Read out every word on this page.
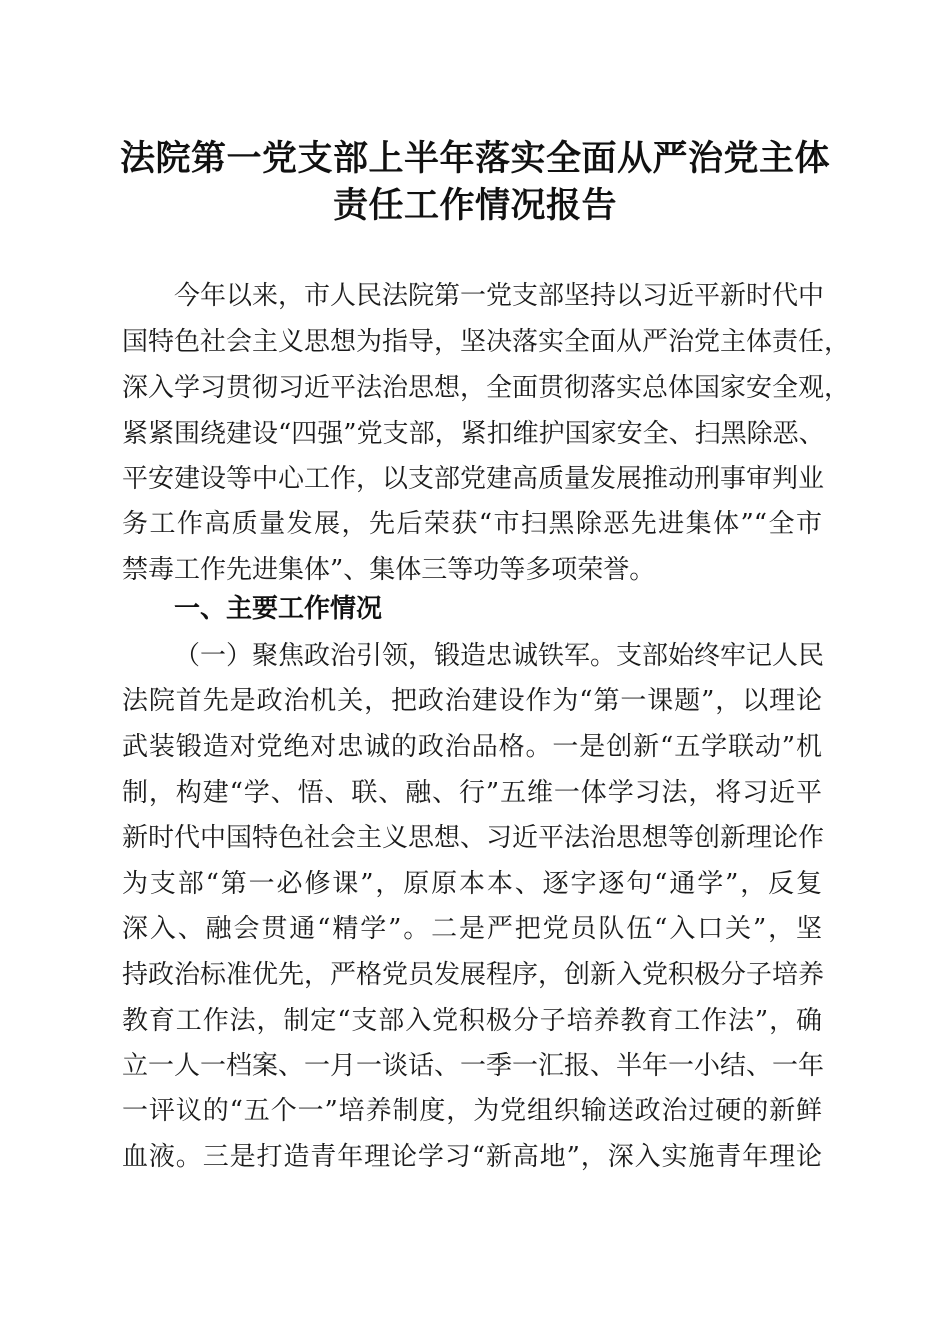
法院第一党支部上半年落实全面从严治党主体
责任工作情况报告
今年以来，市人民法院第一党支部坚持以习近平新时代中
国特色社会主义思想为指导，坚决落实全面从严治党主体责任，
深入学习贯彻习近平法治思想，全面贯彻落实总体国家安全观，
紧紧围绕建设“四强”党支部，紧扣维护国家安全、扫黑除恶、
平安建设等中心工作，以支部党建高质量发展推动刑事审判业
务工作高质量发展，先后荣获“市扫黑除恶先进集体”“全市
禁毒工作先进集体”、集体三等功等多项荣誉。
一、主要工作情况
（一）聚焦政治引领，锻造忠诚铁军。支部始终牢记人民
法院首先是政治机关，把政治建设作为“第一课题”，以理论
武装锻造对党绝对忠诚的政治品格。一是创新“五学联动”机
制，构建“学、悟、联、融、行”五维一体学习法，将习近平
新时代中国特色社会主义思想、习近平法治思想等创新理论作
为支部“第一必修课”，原原本本、逐字逐句“通学”，反复
深入、融会贯通“精学”。二是严把党员队伍“入口关”，坚
持政治标准优先，严格党员发展程序，创新入党积极分子培养
教育工作法，制定“支部入党积极分子培养教育工作法”，确
立一人一档案、一月一谈话、一季一汇报、半年一小结、一年
一评议的“五个一”培养制度，为党组织输送政治过硬的新鲜
血液。三是打造青年理论学习“新高地”，深入实施青年理论
